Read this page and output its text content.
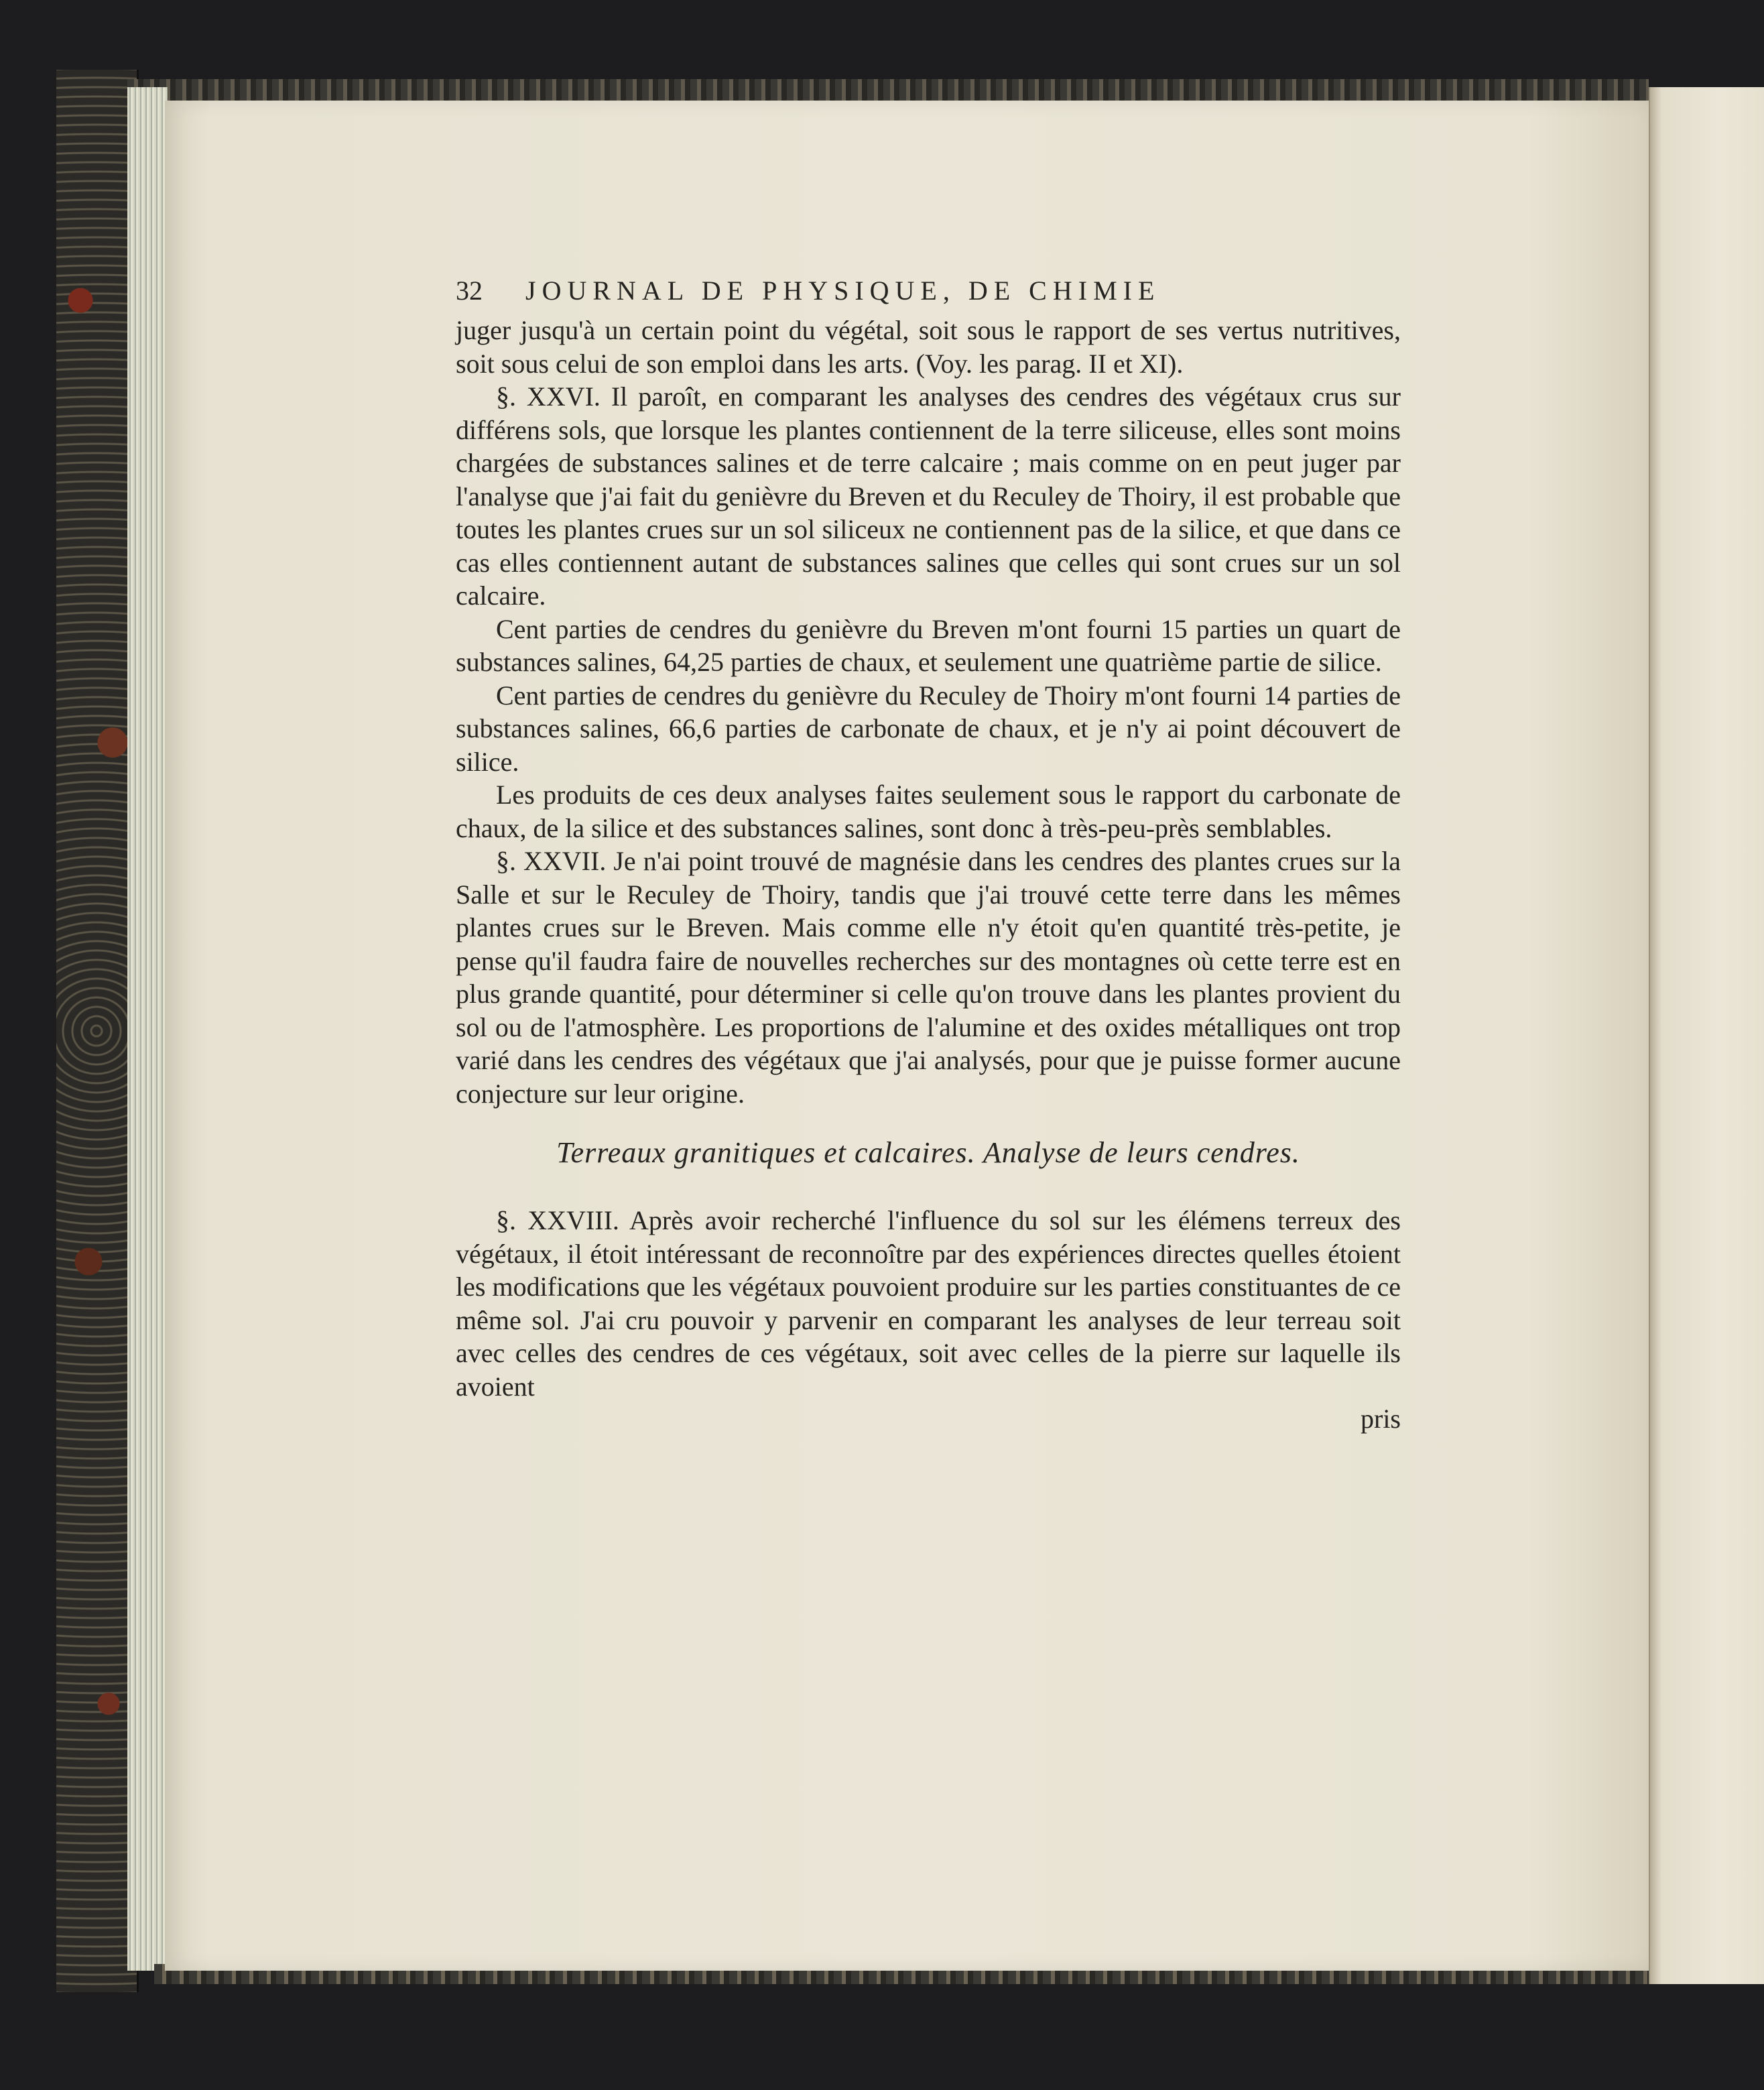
32 JOURNAL DE PHYSIQUE, DE CHIMIE

juger jusqu'à un certain point du végétal, soit sous le rapport de ses vertus nutritives, soit sous celui de son emploi dans les arts. (Voy. les parag. II et XI).

§. XXVI. Il paroît, en comparant les analyses des cendres des végétaux crus sur différens sols, que lorsque les plantes contiennent de la terre siliceuse, elles sont moins chargées de substances salines et de terre calcaire ; mais comme on en peut juger par l'analyse que j'ai fait du genièvre du Breven et du Reculey de Thoiry, il est probable que toutes les plantes crues sur un sol siliceux ne contiennent pas de la silice, et que dans ce cas elles contiennent autant de substances salines que celles qui sont crues sur un sol calcaire.

Cent parties de cendres du genièvre du Breven m'ont fourni 15 parties un quart de substances salines, 64,25 parties de chaux, et seulement une quatrième partie de silice.

Cent parties de cendres du genièvre du Reculey de Thoiry m'ont fourni 14 parties de substances salines, 66,6 parties de carbonate de chaux, et je n'y ai point découvert de silice.

Les produits de ces deux analyses faites seulement sous le rapport du carbonate de chaux, de la silice et des substances salines, sont donc à très-peu-près semblables.

§. XXVII. Je n'ai point trouvé de magnésie dans les cendres des plantes crues sur la Salle et sur le Reculey de Thoiry, tandis que j'ai trouvé cette terre dans les mêmes plantes crues sur le Breven. Mais comme elle n'y étoit qu'en quantité très-petite, je pense qu'il faudra faire de nouvelles recherches sur des montagnes où cette terre est en plus grande quantité, pour déterminer si celle qu'on trouve dans les plantes provient du sol ou de l'atmosphère. Les proportions de l'alumine et des oxides métalliques ont trop varié dans les cendres des végétaux que j'ai analysés, pour que je puisse former aucune conjecture sur leur origine.

Terreaux granitiques et calcaires. Analyse de leurs cendres.

§. XXVIII. Après avoir recherché l'influence du sol sur les élémens terreux des végétaux, il étoit intéressant de reconnoître par des expériences directes quelles étoient les modifications que les végétaux pouvoient produire sur les parties constituantes de ce même sol. J'ai cru pouvoir y parvenir en comparant les analyses de leur terreau soit avec celles des cendres de ces végétaux, soit avec celles de la pierre sur laquelle ils avoient

pris
